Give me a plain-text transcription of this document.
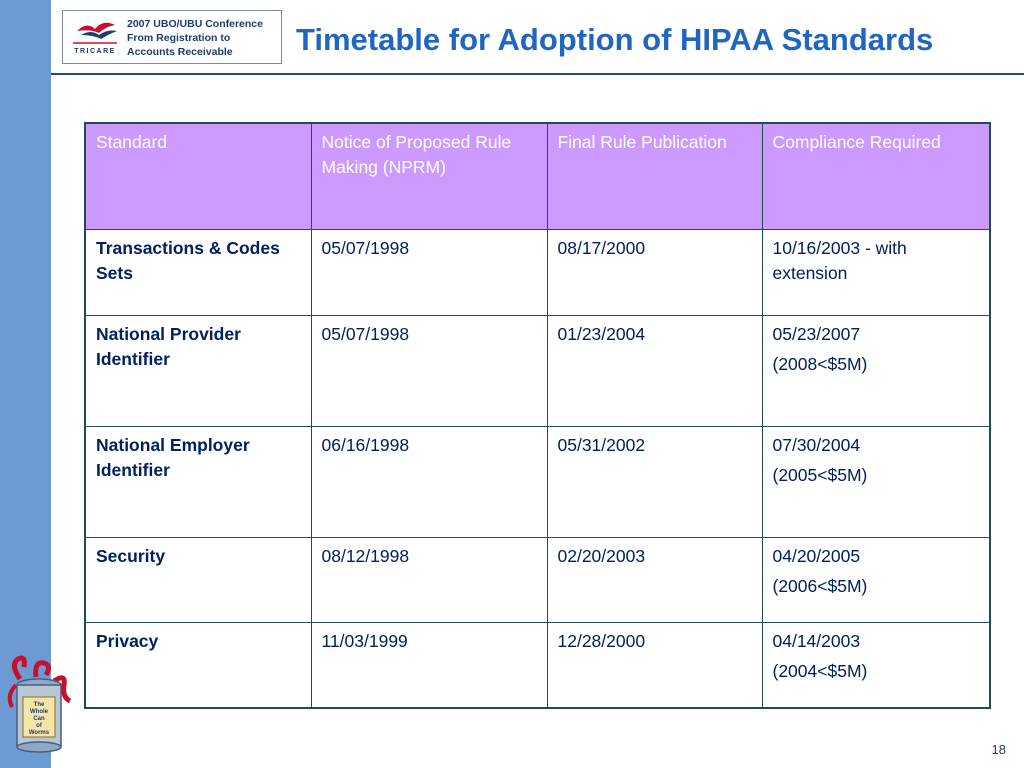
TRICARE
2007 UBO/UBU Conference
From Registration to
Accounts Receivable	Timetable for Adoption of HIPAA Standards
Standard	Notice of Proposed Rule Making (NPRM)	Final Rule Publication	Compliance Required
Transactions & Codes Sets	05/07/1998	08/17/2000	10/16/2003 - with extension

National Provider Identifier	05/07/1998	01/23/2004	05/23/2007
(2008<$5M)

National Employer Identifier	06/16/1998	05/31/2002	07/30/2004
(2005<$5M)

Security	08/12/1998	02/20/2003	04/20/2005
(2006<$5M)

Privacy	11/03/1999	12/28/2000	04/14/2003
(2004<$5M)
The
Whole
Can
of
Worms
18
